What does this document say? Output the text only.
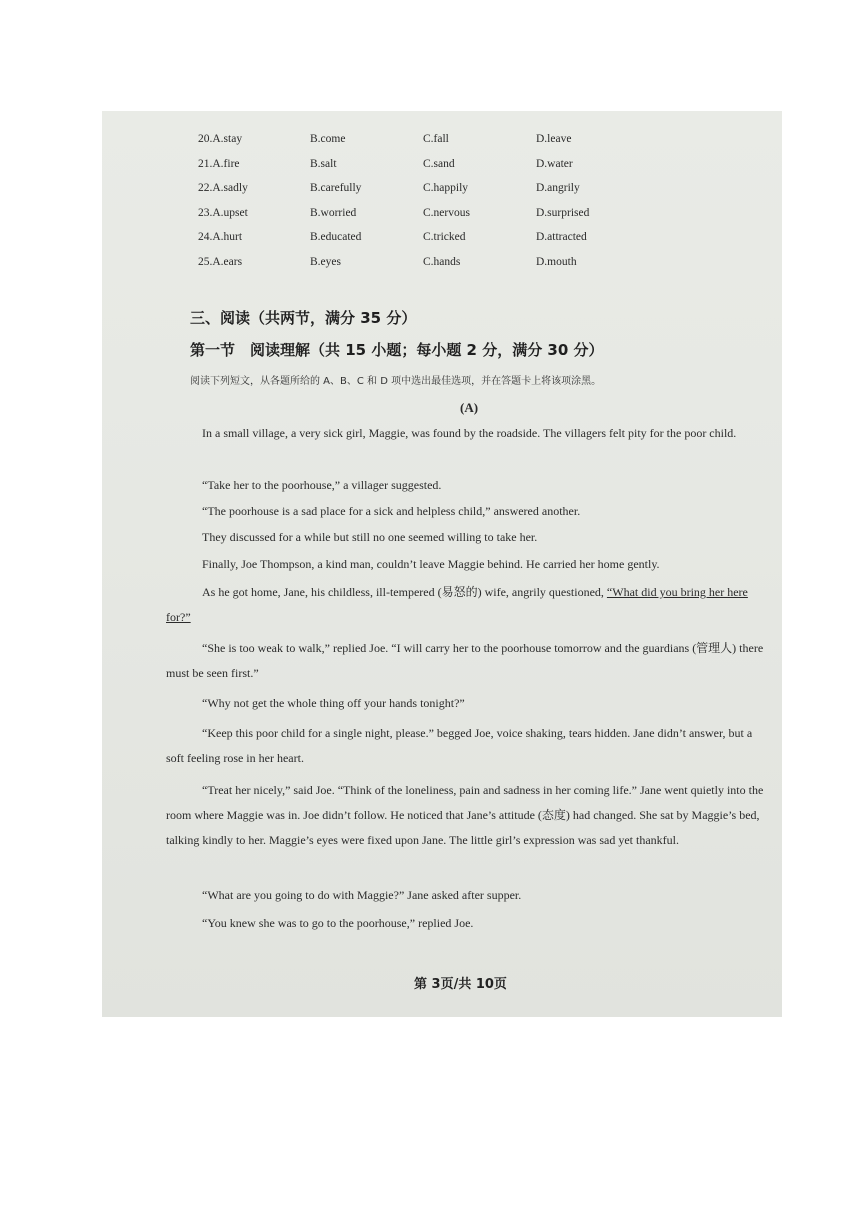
20.A.stay	B.come	C.fall	D.leave
21.A.fire	B.salt	C.sand	D.water
22.A.sadly	B.carefully	C.happily	D.angrily
23.A.upset	B.worried	C.nervous	D.surprised
24.A.hurt	B.educated	C.tricked	D.attracted
25.A.ears	B.eyes	C.hands	D.mouth
三、阅读（共两节，满分 35 分）
第一节　阅读理解（共 15 小题；每小题 2 分，满分 30 分）
阅读下列短文，从各题所给的 A、B、C 和 D 项中选出最佳选项，并在答题卡上将该项涂黑。
(A)
In a small village, a very sick girl, Maggie, was found by the roadside. The villagers felt pity for the poor child.
“Take her to the poorhouse,” a villager suggested.
“The poorhouse is a sad place for a sick and helpless child,” answered another.
They discussed for a while but still no one seemed willing to take her.
Finally, Joe Thompson, a kind man, couldn’t leave Maggie behind. He carried her home gently.
As he got home, Jane, his childless, ill-tempered (易怒的) wife, angrily questioned, “What did you bring her here for?”
“She is too weak to walk,” replied Joe. “I will carry her to the poorhouse tomorrow and the guardians (管理人) there must be seen first.”
“Why not get the whole thing off your hands tonight?”
“Keep this poor child for a single night, please.” begged Joe, voice shaking, tears hidden. Jane didn’t answer, but a soft feeling rose in her heart.
“Treat her nicely,” said Joe. “Think of the loneliness, pain and sadness in her coming life.” Jane went quietly into the room where Maggie was in. Joe didn’t follow. He noticed that Jane’s attitude (态度) had changed. She sat by Maggie’s bed, talking kindly to her. Maggie’s eyes were fixed upon Jane. The little girl’s expression was sad yet thankful.
“What are you going to do with Maggie?” Jane asked after supper.
“You knew she was to go to the poorhouse,” replied Joe.
第 3页/共 10页
